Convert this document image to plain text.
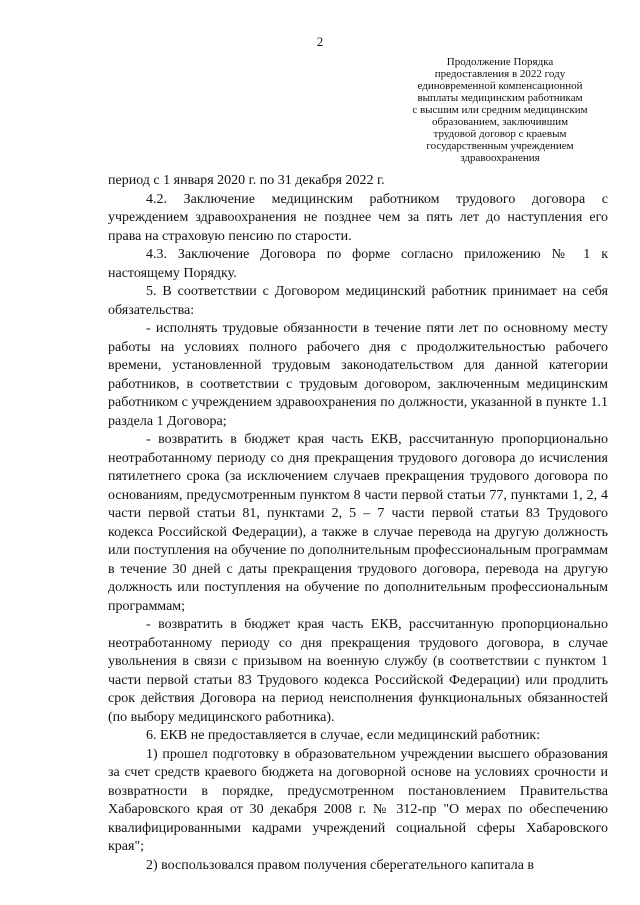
2
Продолжение Порядка
предоставления в 2022 году
единовременной компенсационной
выплаты медицинским работникам
с высшим или средним медицинским
образованием, заключившим
трудовой договор с краевым
государственным учреждением
здравоохранения

период с 1 января 2020 г. по 31 декабря 2022 г.

4.2. Заключение медицинским работником трудового договора с учреждением здравоохранения не позднее чем за пять лет до наступления его права на страховую пенсию по старости.

4.3. Заключение Договора по форме согласно приложению № 1 к настоящему Порядку.

5. В соответствии с Договором медицинский работник принимает на себя обязательства:

- исполнять трудовые обязанности в течение пяти лет по основному месту работы на условиях полного рабочего дня с продолжительностью рабочего времени, установленной трудовым законодательством для данной категории работников, в соответствии с трудовым договором, заключенным медицинским работником с учреждением здравоохранения по должности, указанной в пункте 1.1 раздела 1 Договора;

- возвратить в бюджет края часть ЕКВ, рассчитанную пропорционально неотработанному периоду со дня прекращения трудового договора до исчисления пятилетнего срока (за исключением случаев прекращения трудового договора по основаниям, предусмотренным пунктом 8 части первой статьи 77, пунктами 1, 2, 4 части первой статьи 81, пунктами 2, 5 – 7 части первой статьи 83 Трудового кодекса Российской Федерации), а также в случае перевода на другую должность или поступления на обучение по дополнительным профессиональным программам в течение 30 дней с даты прекращения трудового договора, перевода на другую должность или поступления на обучение по дополнительным профессиональным программам;

- возвратить в бюджет края часть ЕКВ, рассчитанную пропорционально неотработанному периоду со дня прекращения трудового договора, в случае увольнения в связи с призывом на военную службу (в соответствии с пунктом 1 части первой статьи 83 Трудового кодекса Российской Федерации) или продлить срок действия Договора на период неисполнения функциональных обязанностей (по выбору медицинского работника).

6. ЕКВ не предоставляется в случае, если медицинский работник:

1) прошел подготовку в образовательном учреждении высшего образования за счет средств краевого бюджета на договорной основе на условиях срочности и возвратности в порядке, предусмотренном постановлением Правительства Хабаровского края от 30 декабря 2008 г. № 312-пр "О мерах по обеспечению квалифицированными кадрами учреждений социальной сферы Хабаровского края";

2) воспользовался правом получения сберегательного капитала в
